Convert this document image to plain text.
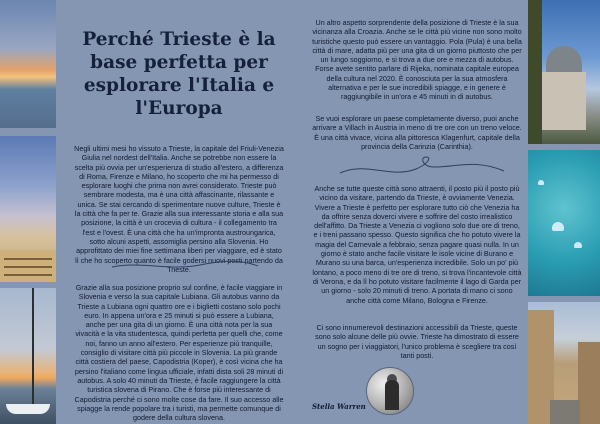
Perché Trieste è la base perfetta per esplorare l'Italia e l'Europa

Negli ultimi mesi ho vissuto a Trieste, la capitale del Friuli-Venezia Giulia nel nordest dell'Italia. Anche se potrebbe non essere la scelta più ovvia per un'esperienza di studio all'estero, a differenza di Roma, Firenze e Milano, ho scoperto che mi ha permesso di esplorare luoghi che prima non avrei considerato. Trieste può sembrare modesta, ma è una città affascinante, rilassante e unica. Se stai cercando di sperimentare nuove culture, Trieste è la città che fa per te. Grazie alla sua interessante storia e alla sua posizione, la città è un crocevia di cultura - il collegamento tra l'est e l'ovest. È una città che ha un'impronta austroungarica, sotto alcuni aspetti, assomiglia persino alla Slovenia. Ho approfittato dei miei fine settimana liberi per viaggiare, ed è stato lì che ho scoperto quanto è facile godersi nuovi posti partendo da Trieste.

Grazie alla sua posizione proprio sul confine, è facile viaggiare in Slovenia e verso la sua capitale Lubiana. Gli autobus vanno da Trieste a Lubiana ogni quattro ore e i biglietti costano solo pochi euro. In appena un'ora e 25 minuti si può essere a Lubiana, anche per una gita di un giorno. È una città nota per la sua vivacità e la vita studentesca, quindi perfetta per quelli che, come noi, fanno un anno all'estero. Per esperienze più tranquille, consiglio di visitare città più piccole in Slovenia. La più grande città costiera del paese, Capodistria (Koper), è così vicina che ha persino l'italiano come lingua ufficiale, infatti dista soli 28 minuti di autobus. A solo 40 minuti da Trieste, è facile raggiungere la città turistica slovena di Pirano. Che è forse più interessante di Capodistria perché ci sono molte cose da fare. Il suo accesso alle spiagge la rende popolare tra i turisti, ma permette comunque di godere della cultura slovena.

Un altro aspetto sorprendente della posizione di Trieste è la sua vicinanza alla Croazia. Anche se le città più vicine non sono molto turistiche questo può essere un vantaggio. Pola (Pula) è una bella città di mare, adatta più per una gita di un giorno piuttosto che per un lungo soggiorno, e si trova a due ore e mezza di autobus. Forse avete sentito parlare di Rijeka, nominata capitale europea della cultura nel 2020. È conosciuta per la sua atmosfera alternativa e per le sue incredibili spiagge, e in genere è raggiungibile in un'ora e 45 minuti in di autobus.

Se vuoi esplorare un paese completamente diverso, puoi anche arrivare a Villach in Austria in meno di tre ore con un treno veloce. È una città vivace, vicina alla pittoresca Klagenfurt, capitale della provincia della Carinzia (Carinthia).

Anche se tutte queste città sono attraenti, il posto più il posto più vicino da visitare, partendo da Trieste, è ovviamente Venezia. Vivere a Trieste è perfetto per esplorare tutto ciò che Venezia ha da offrire senza doverci vivere e soffrire del costo irrealistico dell'affitto. Da Trieste a Venezia ci vogliono solo due ore di treno, e i treni passano spesso. Questo significa che ho potuto vivere la magia del Carnevale a febbraio, senza pagare quasi nulla. In un giorno è stato anche facile visitare le isole vicine di Burano e Murano su una barca, un'esperienza incredibile. Solo un po' più lontano, a poco meno di tre ore di treno, si trova l'incantevole città di Verona, e da lì ho potuto visitare facilmente il lago di Garda per un giorno - solo 20 minuti di treno. A portata di mano ci sono anche città come Milano, Bologna e Firenze.

Ci sono innumerevoli destinazioni accessibili da Trieste, queste sono solo alcune delle più ovvie. Trieste ha dimostrato di essere un sogno per i viaggiatori, l'unico problema è scegliere tra così tanti posti.

Stella Warren
